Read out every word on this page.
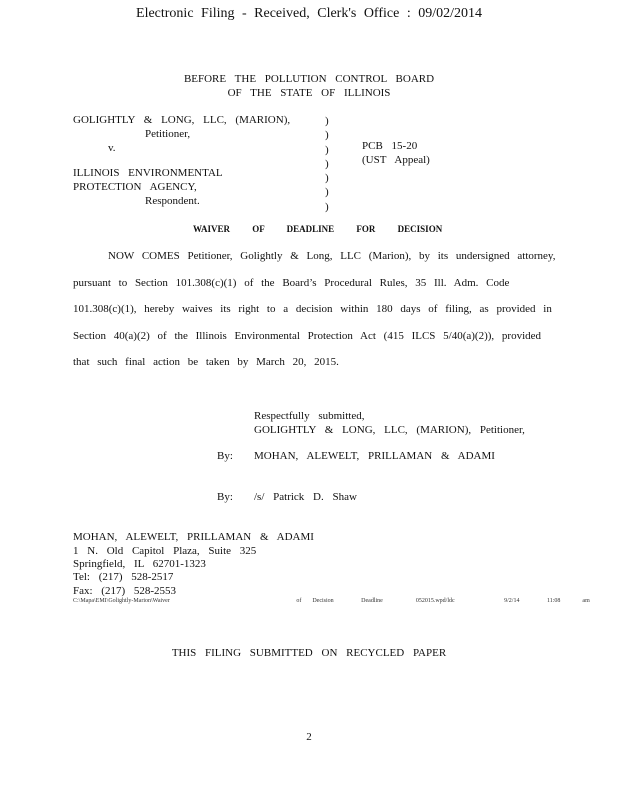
Electronic Filing - Received, Clerk's Office : 09/02/2014
BEFORE THE POLLUTION CONTROL BOARD
OF THE STATE OF ILLINOIS
GOLIGHTLY & LONG, LLC, (MARION),
Petitioner,
v.
ILLINOIS ENVIRONMENTAL
PROTECTION AGENCY,
Respondent.
)
)
)
)
)
)
)
PCB 15-20
(UST Appeal)
WAIVER OF DEADLINE FOR DECISION
NOW COMES Petitioner, Golightly & Long, LLC (Marion), by its undersigned attorney,
pursuant to Section 101.308(c)(1) of the Board’s Procedural Rules, 35 Ill. Adm. Code
101.308(c)(1), hereby waives its right to a decision within 180 days of filing, as provided in
Section 40(a)(2) of the Illinois Environmental Protection Act (415 ILCS 5/40(a)(2)), provided
that such final action be taken by March 20, 2015.
Respectfully submitted,
GOLIGHTLY & LONG, LLC, (MARION), Petitioner,
By: MOHAN, ALEWELT, PRILLAMAN & ADAMI
By: /s/ Patrick D. Shaw
MOHAN, ALEWELT, PRILLAMAN & ADAMI
1 N. Old Capitol Plaza, Suite 325
Springfield, IL 62701-1323
Tel: (217) 528-2517
Fax: (217) 528-2553
C:\Mapa\EMI\Golightly-Marion\Waiver                       of  Decision     Deadline      052015.wpd/ldc         9/2/14     11:08    am
THIS FILING SUBMITTED ON RECYCLED PAPER
2
